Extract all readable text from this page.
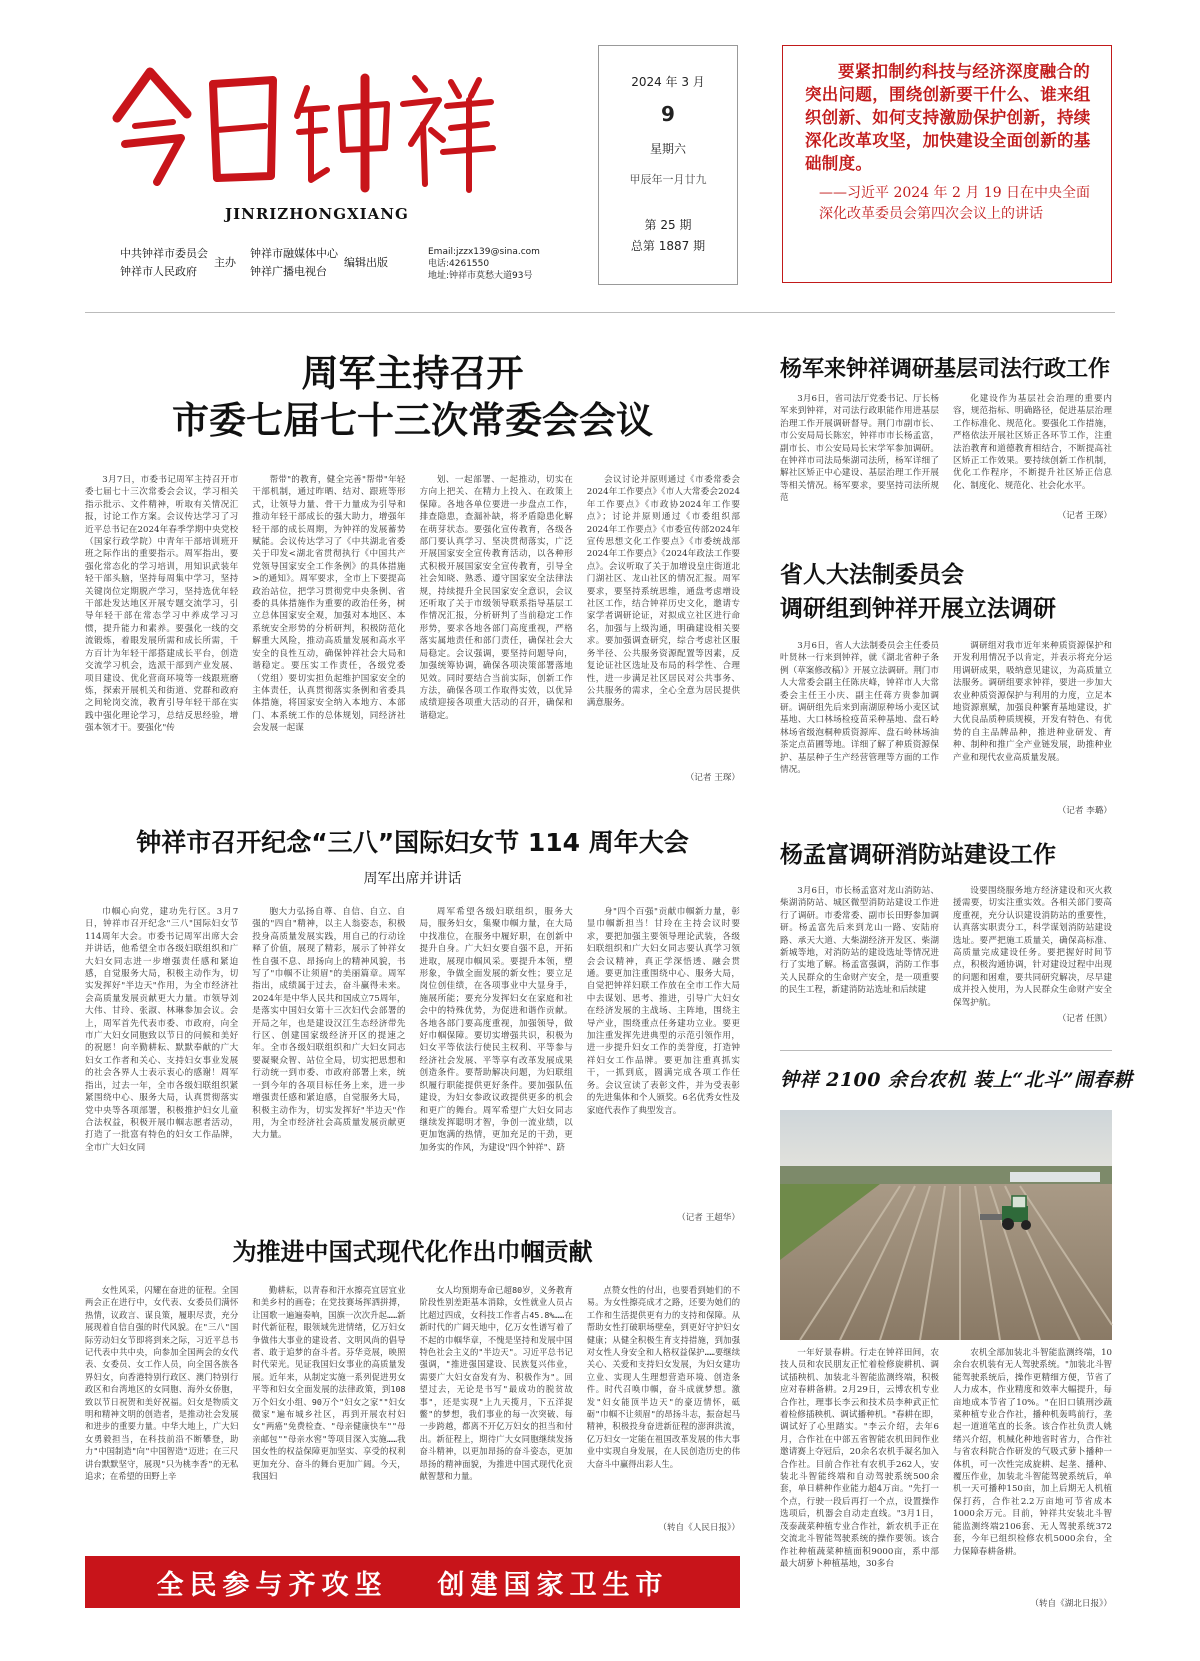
JINRIZHONGXIANG
中共钟祥市委员会
钟祥市人民政府
主办
钟祥市融媒体中心
钟祥广播电视台
编辑出版
Email:jzzx139@sina.com
电话:4261550
地址:钟祥市莫愁大道93号
2024 年 3 月
9
星期六
甲辰年一月廿九
第 25 期
总第 1887 期
要紧扣制约科技与经济深度融合的突出问题，围绕创新要干什么、谁来组织创新、如何支持激励保护创新，持续深化改革攻坚，加快建设全面创新的基础制度。
——习近平 2024 年 2 月 19 日在中央全面深化改革委员会第四次会议上的讲话
周军主持召开
市委七届七十三次常委会会议

3月7日，市委书记周军主持召开市委七届七十三次常委会会议，学习相关指示批示、文件精神，听取有关情况汇报，讨论工作方案。会议传达学习了习近平总书记在2024年春季学期中央党校（国家行政学院）中青年干部培训班开班之际作出的重要指示。周军指出，要强化常态化的学习培训，用知识武装年轻干部头脑，坚持每周集中学习，坚持关键岗位定期脱产学习，坚持选优年轻干部赴发达地区开展专题交流学习，引导年轻干部在常态学习中养成学习习惯，提升能力和素养。要强化一线的交流锻炼，着眼发展所需和成长所需，千方百计为年轻干部搭建成长平台，创造交流学习机会，选派干部到产业发展、项目建设、优化营商环境等一线跟班磨炼，探索开展机关和街道、党群和政府之间轮岗交流，教育引导年轻干部在实践中强化理论学习，总结反思经验，增强本领才干。要强化"传

帮带"的教育，健全完善"帮带"年轻干部机制，通过昨晒、结对、跟班等形式，让领导力量、骨干力量成为引导和推动年轻干部成长的强大助力，增强年轻干部的成长周期，为钟祥的发展蓄势赋能。会议传达学习了《中共湖北省委关于印发<湖北省贯彻执行《中国共产党领导国家安全工作条例》的具体措施>的通知》。周军要求，全市上下要提高政治站位，把学习贯彻党中央条例、省委的具体措施作为重要的政治任务，树立总体国家安全观，加强对本地区、本系统安全形势的分析研判，积极防范化解重大风险，推动高质量发展和高水平安全的良性互动，确保钟祥社会大局和谐稳定。要压实工作责任，各级党委（党组）要切实担负起维护国家安全的主体责任，认真贯彻落实条例和省委具体措施，将国家安全纳入本地方、本部门、本系统工作的总体规划，同经济社会发展一起谋

划、一起部署、一起推动，切实在方向上把关、在精力上投入、在政策上保障。各地各单位要进一步盘点工作，排查隐患，查漏补缺，将矛盾隐患化解在萌芽状态。要强化宣传教育，各级各部门要认真学习、坚决贯彻落实，广泛开展国家安全宣传教育活动，以各种形式积极开展国家安全宣传教育，引导全社会知晓、熟悉、遵守国家安全法律法规，持续提升全民国家安全意识，会议还听取了关于市级领导联系指导基层工作情况汇报，分析研判了当前稳定工作形势，要求各地各部门高度重视，严格落实属地责任和部门责任，确保社会大局稳定。会议强调，要坚持问题导向，加强统筹协调，确保各项决策部署落地见效。同时要结合当前实际，创新工作方法，确保各项工作取得实效，以优异成绩迎接各项重大活动的召开，确保和谐稳定。

会议讨论并原则通过《市委常委会2024年工作要点》《市人大常委会2024年工作要点》《市政协2024年工作要点》；讨论并原则通过《市委组织部2024年工作要点》《市委宣传部2024年宣传思想文化工作要点》《市委统战部2024年工作要点》《2024年政法工作要点》。会议听取了关于加增设皇庄街道北门湖社区、龙山社区的情况汇报。周军要求，要坚持系统思维，通盘考虑增设社区工作，结合钟祥历史文化，邀请专家学者调研论证，对拟成立社区进行命名，加强与上级沟通，明确建设相关要求。要加强调查研究，综合考虑社区服务半径、公共服务资源配置等因素，反复论证社区选址及布局的科学性、合理性，进一步满足社区居民对公共事务、公共服务的需求，全心全意为居民提供满意服务。

（记者 王琛）
钟祥市召开纪念“三八”国际妇女节 114 周年大会
周军出席并讲话

巾帼心向党，建功先行区。3月7日，钟祥市召开纪念"三八"国际妇女节114周年大会。市委书记周军出席大会并讲话，他希望全市各级妇联组织和广大妇女同志进一步增强责任感和紧迫感，自觉服务大局，积极主动作为，切实发挥好"半边天"作用，为全市经济社会高质量发展贡献更大力量。市领导刘大伟、甘玲、张淑、林琳参加会议。会上，周军首先代表市委、市政府，向全市广大妇女同胞致以节日的问候和美好的祝愿！向辛勤耕耘、默默奉献的广大妇女工作者和关心、支持妇女事业发展的社会各界人士表示衷心的感谢！周军指出，过去一年，全市各级妇联组织紧紧围绕中心、服务大局，认真贯彻落实党中央等各项部署，积极推护妇女儿童合法权益，积极开展巾帼志愿者活动，打造了一批富有特色的妇女工作品牌，全市广大妇女同

胞大力弘扬自尊、自信、自立、自强的"四自"精神，以主人翁姿态，积极投身高质量发展实践，用自己的行动诠释了价值，展现了精彩，展示了钟祥女性自强不息、昂扬向上的精神风貌，书写了"巾帼不让须眉"的美丽篇章。周军指出，成绩属于过去，奋斗赢得未来。2024年是中华人民共和国成立75周年，是落实中国妇女第十三次妇代会部署的开局之年，也是建设汉江生态经济带先行区、创建国家级经济开区的提速之年。全市各级妇联组织和广大妇女同志要凝聚众智、站位全局，切实把思想和行动统一到市委、市政府部署上来，统一到今年的各项目标任务上来，进一步增强责任感和紧迫感，自觉服务大局，积极主动作为，切实发挥好"半边天"作用，为全市经济社会高质量发展贡献更大力量。

周军希望各级妇联组织，服务大局，服务妇女，集聚巾帼力量，在大局中找准位，在服务中履好职，在创新中提升自身。广大妇女要自强不息，开拓进取，展现巾帼风采。要提升本领，塑形象，争做全面发展的新女性；要立足岗位创佳绩，在各项事业中大显身手，施展所能；要充分发挥妇女在家庭和社会中的特殊优势，为促进和谐作贡献。各地各部门要高度重视，加强领导，做好巾帼保障。要切实增强共识，积极为妇女平等依法行使民主权利、平等参与经济社会发展、平等享有改革发展成果创造条件。要帮助解决问题，为妇联组织履行职能提供更好条件。要加强队伍建设，为妇女参政议政提供更多的机会和更广的舞台。周军希望广大妇女同志继续发挥聪明才智，争创一流业绩，以更加饱满的热情，更加充足的干劲，更加务实的作风，为建设"四个钟祥"、跻

身"四个百强"贡献巾帼新力量，彰显巾帼新担当！甘玲在主持会议时要求，要把加强主要领导理论武装，各级妇联组织和广大妇女同志要认真学习领会会议精神，真正学深悟透、融会贯通。要更加注重围绕中心、服务大局，自觉把钟祥妇联工作放在全市工作大局中去谋划、思考、推进，引导广大妇女在经济发展的主战场、主阵地，围绕主导产业，围绕重点任务建功立业。要更加注重发挥先进典型的示范引领作用，进一步提升妇女工作的美誉度，打造钟祥妇女工作品牌。要更加注重真抓实干，一抓到底，圆满完成各项工作任务。会议宣读了表彰文件，并为受表彰的先进集体和个人颁奖。6名优秀女性及家庭代表作了典型发言。

（记者 王超华）
为推进中国式现代化作出巾帼贡献

女性风采，闪耀在奋进的征程。全国两会正在进行中，女代表、女委员们满怀热情，议政言、谋良策，履职尽责，充分展现着自信自强的时代风貌。在"三八"国际劳动妇女节即将到来之际，习近平总书记代表中共中央，向参加全国两会的女代表、女委员、女工作人员，向全国各族各界妇女，向香港特别行政区、澳门特别行政区和台湾地区的女同胞、海外女侨胞，致以节日祝贺和美好祝福。妇女是物质文明和精神文明的创造者，是推动社会发展和进步的重要力量。中华大地上，广大妇女勇毅担当，在科技前沿不断攀登，助力"中国制造"向"中国智造"迈进；在三尺讲台默默坚守，展现"只为桃李香"的无私追求；在希望的田野上辛

勤耕耘，以青春和汗水擦亮宜居宜业和美乡村的画卷；在党技赛场挥洒拼搏，让国歌一遍遍奏响，国旗一次次升起……新时代新征程，眼领域先进情绪，亿万妇女争做伟大事业的建设者、文明风尚的倡导者、敢于追梦的奋斗者。芬华竞展，映照时代荣光。见证我国妇女事业的高质量发展。近年来，从制定实施一系列促进男女平等和妇女全面发展的法律政策，到108万个妇女小组、90万个"妇女之家""妇女微家"遍布城乡社区，再到开展农村妇女"两癌"免费检查、"母亲健康快车""母亲邮包""母亲水窖"等项目深入实施……我国女性的权益保障更加坚实、享受的权利更加充分、奋斗的舞台更加广阔。今天，我国妇

女人均预期寿命已超80岁，义务教育阶段性别差距基本消除，女性就业人员占比超过四成，女科技工作者占45.8%……在新时代的广阔天地中，亿万女性谱写着了不起的巾帼华章，不愧是坚持和发展中国特色社会主义的"半边天"。习近平总书记强调，"推进强国建设、民族复兴伟业，需要广大妇女奋发有为、积极作为"。回望过去，无论是书写"最成功的脱贫故事"，还是实现"上九天揽月，下五洋捉鳖"的梦想，我们事业的每一次突破、每一步跨越，都离不开亿万妇女的担当和付出。新征程上，期待广大女同胞继续发扬奋斗精神，以更加昂扬的奋斗姿态，更加昂扬的精神面貌，为推进中国式现代化贡献智慧和力量。

点赞女性的付出，也要看到她们的不易。为女性擦亮成才之路，还要为她们的工作和生活提供更有力的支持和保障。从帮助女性打破职场壁垒，到更好守护妇女健康；从健全积极生育支持措施，到加强对女性人身安全和人格权益保护……要继续关心、关爱和支持妇女发展，为妇女建功立业、实现人生理想营造环境、创造条件。时代召唤巾帼，奋斗成就梦想。激发"妇女能顶半边天"的豪迈情怀，砥砺"巾帼不让须眉"的昂扬斗志，振奋起马精神，积极投身奋进新征程的澎湃洪流，亿万妇女一定能在祖国改革发展的伟大事业中实现自身发展，在人民创造历史的伟大奋斗中赢得出彩人生。

（转自《人民日报》）
全民参与齐攻坚 创建国家卫生市
杨军来钟祥调研基层司法行政工作

3月6日，省司法厅党委书记、厅长杨军来到钟祥，对司法行政职能作用进基层治理工作开展调研督导。荆门市副市长、市公安局局长陈宏，钟祥市市长杨孟富，副市长、市公安局局长宋学军参加调研。在钟祥市司法局柴湖司法所，杨军详细了解社区矫正中心建设、基层治理工作开展等相关情况。杨军要求，要坚持司法所规范

化建设作为基层社会治理的重要内容，规范指标、明确路径，促进基层治理工作标准化、规范化。要强化工作措施，严格依法开展社区矫正各环节工作，注重法治教育和道德教育相结合，不断提高社区矫正工作效果。要持续创新工作机制，优化工作程序，不断提升社区矫正信息化、制度化、规范化、社会化水平。

（记者 王琛）
省人大法制委员会
调研组到钟祥开展立法调研

3月6日，省人大法制委员会主任委员叶贤林一行来到钟祥，就《湖北省种子条例（草案修改稿）》开展立法调研。荆门市人大常委会副主任陈庆峰，钟祥市人大常委会主任王小庆、副主任蒋方贵参加调研。调研组先后来到南湖原种场小麦区试基地、大口林场检疫苗采种基地、盘石岭林场省级泡桐种质资源库、盘石岭林场油茶定点苗圃等地。详细了解了种质资源保护、基层种子生产经营管理等方面的工作情况。

调研组对我市近年来种质资源保护和开发利用情况予以肯定，并表示将充分运用调研成果，吸纳意见建议，为高质量立法服务。调研组要求钟祥，要进一步加大农业种质资源保护与利用的力度，立足本地资源禀赋，加强良种繁育基地建设，扩大优良品质种质规模，开发有特色、有优势的自主品牌品种，推进种业研发、育种、制种和推广全产业链发展，助推种业产业和现代农业高质量发展。

（记者 李璐）
杨孟富调研消防站建设工作

3月6日，市长杨孟富对龙山消防站、柴湖消防站、城区微型消防站建设工作进行了调研。市委常委、副市长田野参加调研。杨孟富先后来到龙山一路、安陆府路、承天大道、大柴湖经济开发区、柴湖新城等地，对消防站的建设选址等情况进行了实地了解。杨孟富强调，消防工作事关人民群众的生命财产安全，是一项重要的民生工程，新建消防站选址和后续建

设要围绕服务地方经济建设和灭火救援需要，切实注重实效。各相关部门要高度重视，充分认识建设消防站的重要性，认真落实职责分工，科学谋划消防站建设选址。要严把施工质量关，确保高标准、高质量完成建设任务。要把握好时间节点，积极沟通协调，针对建设过程中出现的问题和困难，要共同研究解决，尽早建成并投入使用，为人民群众生命财产安全保驾护航。

（记者 任凯）
钟祥 2100 余台农机 装上“北斗”闹春耕

一年好景春耕。行走在钟祥田间，农技人员和农民朋友正忙着检修旋耕机、调试插秧机、加装北斗智能监测终端，积极应对春耕备耕。2月29日，云博农机专业合作社，理事长李云和技术员李种武正忙着检修插秧机、调试播种机。"春耕在即，调试好了心里踏实。"李云介绍，去年6月，合作社在中部五省智能农机田间作业邀请赛上夺冠后，20余名农机手凝名加入合作社。目前合作社有农机手262人，安装北斗智能终端和自动驾驶系统500余套，单日耕种作业能力超4万亩。"先打一个点，行驶一段后再打一个点，设置操作选项后，机器会自动走直线。"3月1日，茂泰蔬菜种植专业合作社，新农机手正在交流北斗智能驾驶系统的操作要领。该合作社种植蔬菜种植面积9000亩，系中部最大胡萝卜种植基地，30多台

农机全部加装北斗智能监测终端，10余台农机装有无人驾驶系统。"加装北斗智能驾驶系统后，操作更精细方便，节省了人力成本，作业精度和效率大幅提升，每亩地成本节省了10%。"在旧口镇刑沙蔬菜种植专业合作社，播种机轰鸣前行，垄起一道道笔直的长条。该合作社负责人姚绪兴介绍，机械化种地省时省力，合作社与省农科院合作研发的气吸式萝卜播种一体机，可一次性完成旋耕、起垄、播种、覆压作业，加装北斗智能驾驶系统后，单机一天可播种150亩，加上后期无人机植保打药，合作社2.2万亩地可节省成本1000余万元。目前，钟祥共安装北斗智能监测终端2106套、无人驾驶系统372套，今年已组织检修农机5000余台，全力保障春耕备耕。

（转自《湖北日报》）
